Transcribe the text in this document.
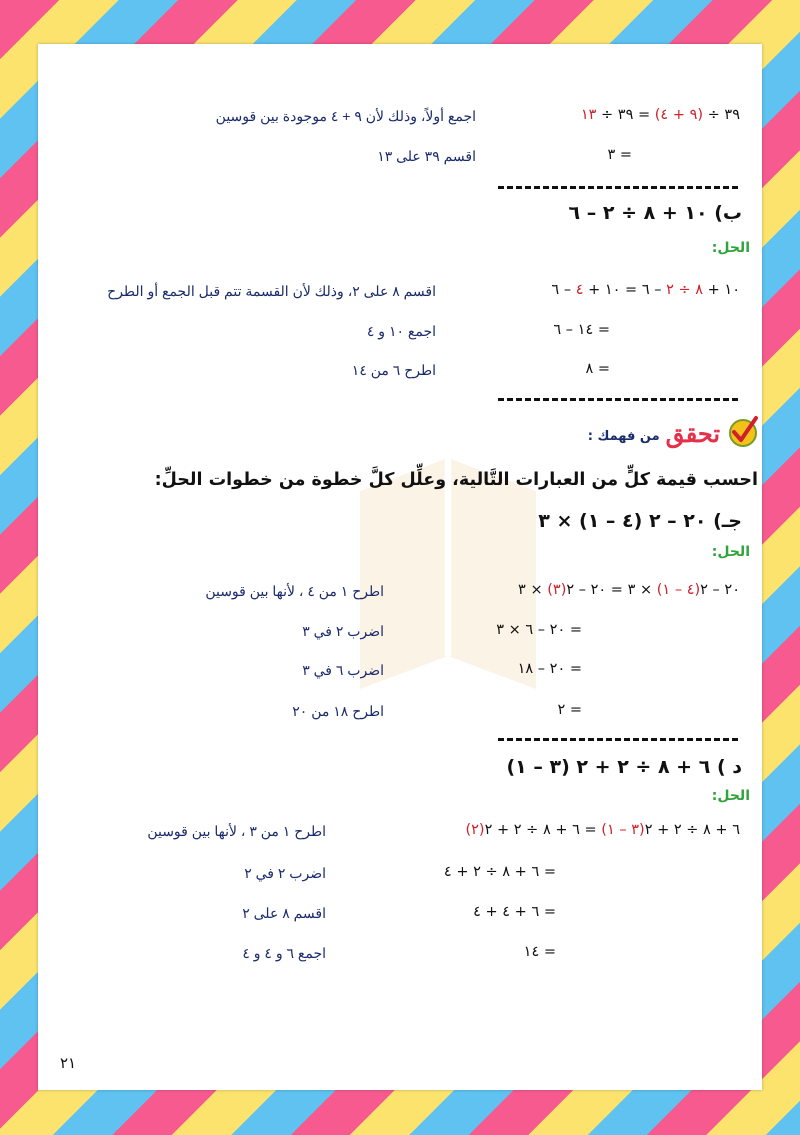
٣٩ ÷ (٩ + ٤) = ٣٩ ÷ ١٣
اجمع أولاً، وذلك لأن ٩ + ٤ موجودة بين قوسين
= ٣
اقسم ٣٩ على ١٣
ب) ١٠ + ٨ ÷ ٢ – ٦
الحل:
١٠ + ٨ ÷ ٢ – ٦ = ١٠ + ٤ – ٦
اقسم ٨ على ٢، وذلك لأن القسمة تتم قبل الجمع أو الطرح
= ١٤ – ٦
اجمع ١٠ و ٤
= ٨
اطرح ٦ من ١٤
تحقق
من فهمك :
احسب قيمة كلٍّ من العبارات التَّالية، وعلِّل كلَّ خطوة من خطوات الحلِّ:
جـ) ٢٠ – ٢ (٤ – ١) × ٣
الحل:
٢٠ – ٢(٤ – ١) × ٣ = ٢٠ – ٢(٣) × ٣
اطرح ١ من ٤ ، لأنها بين قوسين
= ٢٠ – ٦ × ٣
اضرب ٢ في ٣
= ٢٠ – ١٨
اضرب ٦ في ٣
= ٢
اطرح ١٨ من ٢٠
د ) ٦ + ٨ ÷ ٢ + ٢ (٣ – ١)
الحل:
٦ + ٨ ÷ ٢ + ٢(٣ – ١) = ٦ + ٨ ÷ ٢ + ٢(٢)
اطرح ١ من ٣ ، لأنها بين قوسين
= ٦ + ٨ ÷ ٢ + ٤
اضرب ٢ في ٢
= ٦ + ٤ + ٤
اقسم ٨ على ٢
= ١٤
اجمع ٦ و ٤ و ٤
٢١
